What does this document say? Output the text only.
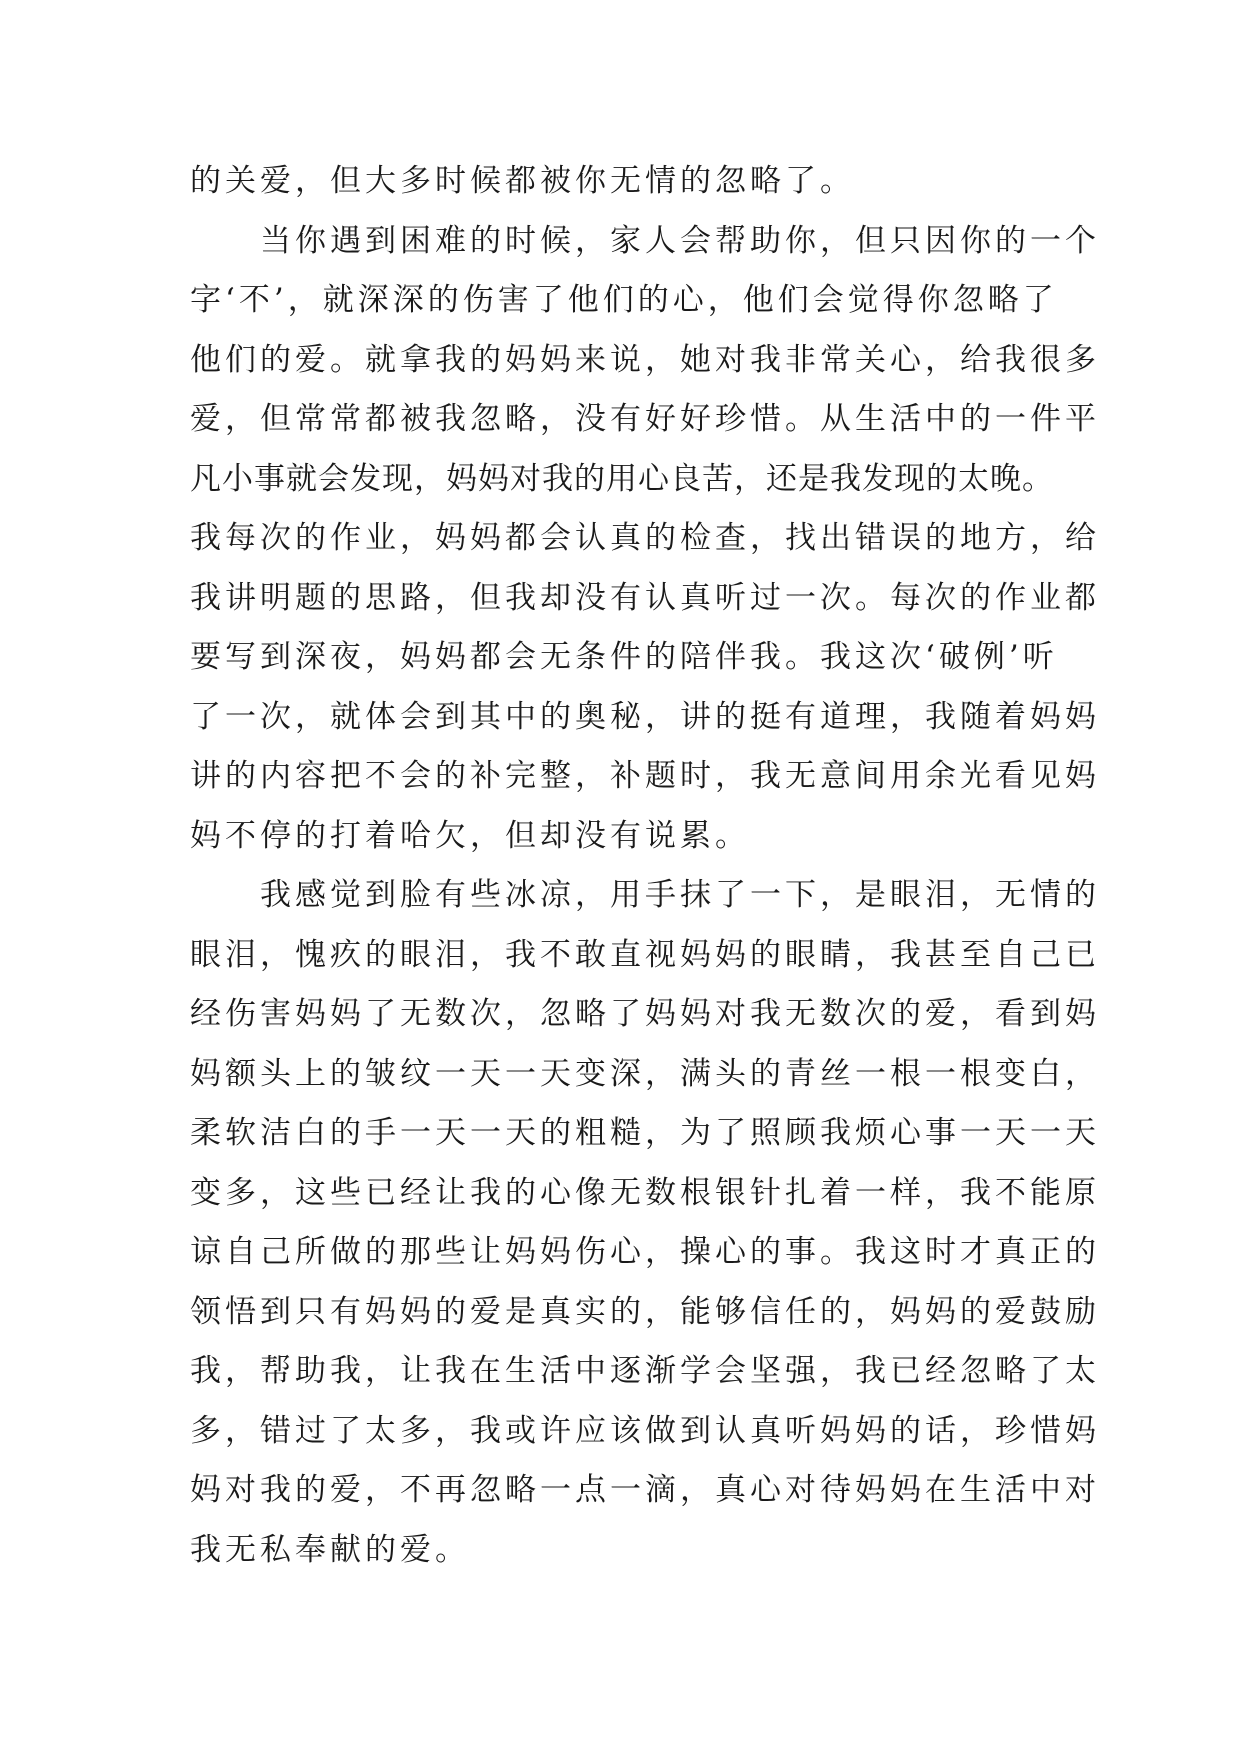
的关爱，但大多时候都被你无情的忽略了。
当你遇到困难的时候，家人会帮助你，但只因你的一个
字‘不’，就深深的伤害了他们的心，他们会觉得你忽略了
他们的爱。就拿我的妈妈来说，她对我非常关心，给我很多
爱，但常常都被我忽略，没有好好珍惜。从生活中的一件平
凡小事就会发现，妈妈对我的用心良苦，还是我发现的太晚。
我每次的作业，妈妈都会认真的检查，找出错误的地方，给
我讲明题的思路，但我却没有认真听过一次。每次的作业都
要写到深夜，妈妈都会无条件的陪伴我。我这次‘破例’听
了一次，就体会到其中的奥秘，讲的挺有道理，我随着妈妈
讲的内容把不会的补完整，补题时，我无意间用余光看见妈
妈不停的打着哈欠，但却没有说累。
我感觉到脸有些冰凉，用手抹了一下，是眼泪，无情的
眼泪，愧疚的眼泪，我不敢直视妈妈的眼睛，我甚至自己已
经伤害妈妈了无数次，忽略了妈妈对我无数次的爱，看到妈
妈额头上的皱纹一天一天变深，满头的青丝一根一根变白，
柔软洁白的手一天一天的粗糙，为了照顾我烦心事一天一天
变多，这些已经让我的心像无数根银针扎着一样，我不能原
谅自己所做的那些让妈妈伤心，操心的事。我这时才真正的
领悟到只有妈妈的爱是真实的，能够信任的，妈妈的爱鼓励
我，帮助我，让我在生活中逐渐学会坚强，我已经忽略了太
多，错过了太多，我或许应该做到认真听妈妈的话，珍惜妈
妈对我的爱，不再忽略一点一滴，真心对待妈妈在生活中对
我无私奉献的爱。
